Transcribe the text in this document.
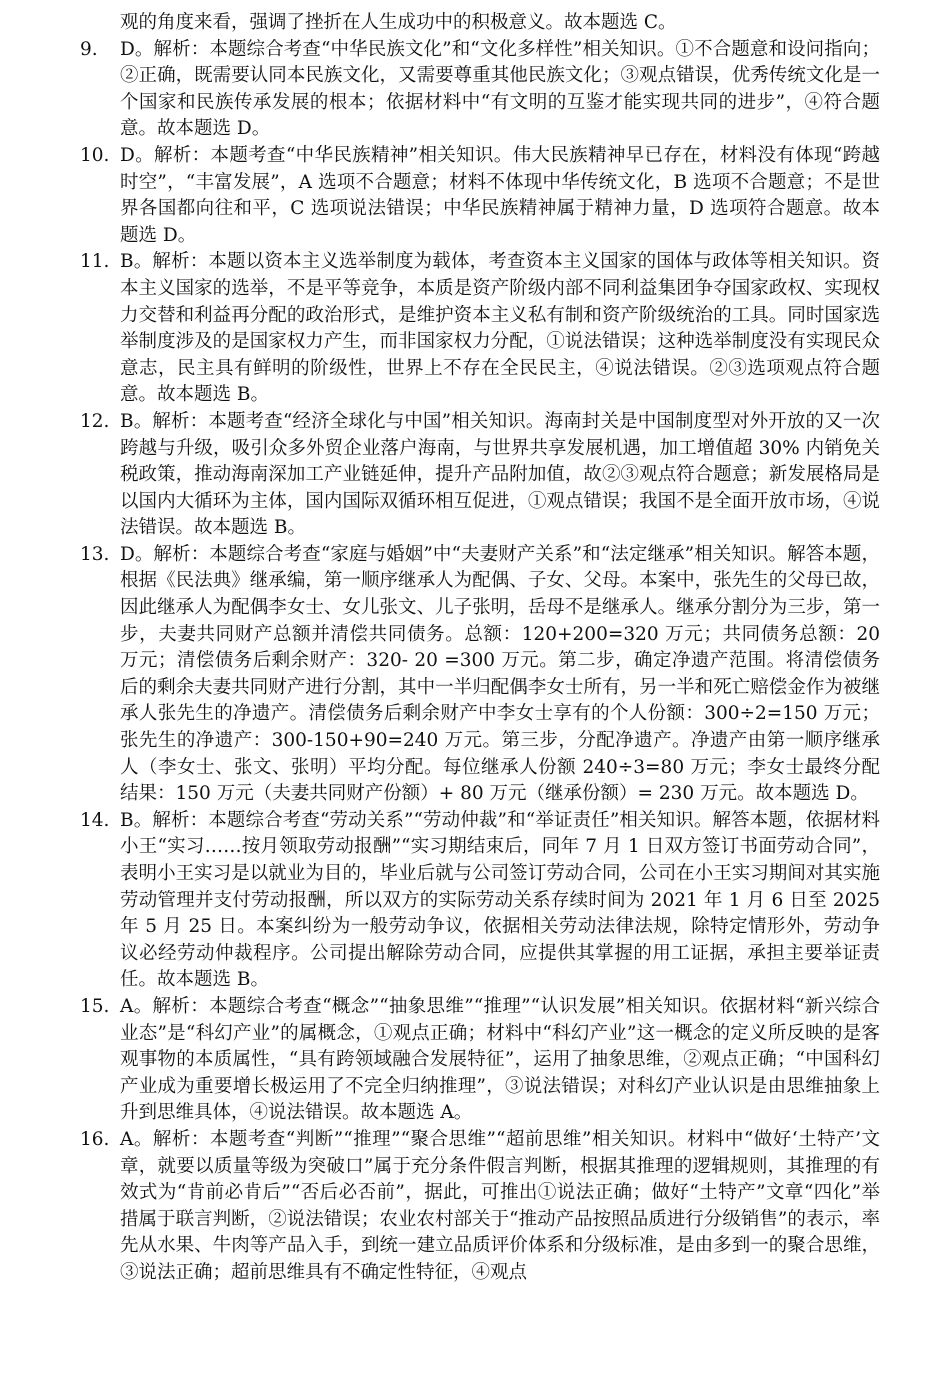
观的角度来看，强调了挫折在人生成功中的积极意义。故本题选 C。

9. D。解析：本题综合考查“中华民族文化”和“文化多样性”相关知识。①不合题意和设问指向；②正确，既需要认同本民族文化，又需要尊重其他民族文化；③观点错误，优秀传统文化是一个国家和民族传承发展的根本；依据材料中“有文明的互鉴才能实现共同的进步”，④符合题意。故本题选 D。

10. D。解析：本题考查“中华民族精神”相关知识。伟大民族精神早已存在，材料没有体现“跨越时空”，“丰富发展”，A 选项不合题意；材料不体现中华传统文化，B 选项不合题意；不是世界各国都向往和平，C 选项说法错误；中华民族精神属于精神力量，D 选项符合题意。故本题选 D。

11. B。解析：本题以资本主义选举制度为载体，考查资本主义国家的国体与政体等相关知识。资本主义国家的选举，不是平等竞争，本质是资产阶级内部不同利益集团争夺国家政权、实现权力交替和利益再分配的政治形式，是维护资本主义私有制和资产阶级统治的工具。同时国家选举制度涉及的是国家权力产生，而非国家权力分配，①说法错误；这种选举制度没有实现民众意志，民主具有鲜明的阶级性，世界上不存在全民民主，④说法错误。②③选项观点符合题意。故本题选 B。

12. B。解析：本题考查“经济全球化与中国”相关知识。海南封关是中国制度型对外开放的又一次跨越与升级，吸引众多外贸企业落户海南，与世界共享发展机遇，加工增值超 30% 内销免关税政策，推动海南深加工产业链延伸，提升产品附加值，故②③观点符合题意；新发展格局是以国内大循环为主体，国内国际双循环相互促进，①观点错误；我国不是全面开放市场，④说法错误。故本题选 B。

13. D。解析：本题综合考查“家庭与婚姻”中“夫妻财产关系”和“法定继承”相关知识。解答本题，根据《民法典》继承编，第一顺序继承人为配偶、子女、父母。本案中，张先生的父母已故，因此继承人为配偶李女士、女儿张文、儿子张明，岳母不是继承人。继承分割分为三步，第一步，夫妻共同财产总额并清偿共同债务。总额：120+200=320 万元；共同债务总额：20 万元；清偿债务后剩余财产：320- 20 =300 万元。第二步，确定净遗产范围。将清偿债务后的剩余夫妻共同财产进行分割，其中一半归配偶李女士所有，另一半和死亡赔偿金作为被继承人张先生的净遗产。清偿债务后剩余财产中李女士享有的个人份额：300÷2=150 万元；张先生的净遗产：300-150+90=240 万元。第三步，分配净遗产。净遗产由第一顺序继承人（李女士、张文、张明）平均分配。每位继承人份额 240÷3=80 万元；李女士最终分配结果：150 万元（夫妻共同财产份额）+ 80 万元（继承份额）= 230 万元。故本题选 D。

14. B。解析：本题综合考查“劳动关系”“劳动仲裁”和“举证责任”相关知识。解答本题，依据材料小王“实习……按月领取劳动报酬”“实习期结束后，同年 7 月 1 日双方签订书面劳动合同”，表明小王实习是以就业为目的，毕业后就与公司签订劳动合同，公司在小王实习期间对其实施劳动管理并支付劳动报酬，所以双方的实际劳动关系存续时间为 2021 年 1 月 6 日至 2025 年 5 月 25 日。本案纠纷为一般劳动争议，依据相关劳动法律法规，除特定情形外，劳动争议必经劳动仲裁程序。公司提出解除劳动合同，应提供其掌握的用工证据，承担主要举证责任。故本题选 B。

15. A。解析：本题综合考查“概念”“抽象思维”“推理”“认识发展”相关知识。依据材料“新兴综合业态”是“科幻产业”的属概念，①观点正确；材料中“科幻产业”这一概念的定义所反映的是客观事物的本质属性，“具有跨领域融合发展特征”，运用了抽象思维，②观点正确；“中国科幻产业成为重要增长极运用了不完全归纳推理”，③说法错误；对科幻产业认识是由思维抽象上升到思维具体，④说法错误。故本题选 A。

16. A。解析：本题考查“判断”“推理”“聚合思维”“超前思维”相关知识。材料中“做好‘土特产’文章，就要以质量等级为突破口”属于充分条件假言判断，根据其推理的逻辑规则，其推理的有效式为“肯前必肯后”“否后必否前”，据此，可推出①说法正确；做好“土特产”文章“四化”举措属于联言判断，②说法错误；农业农村部关于“推动产品按照品质进行分级销售”的表示，率先从水果、牛肉等产品入手，到统一建立品质评价体系和分级标准，是由多到一的聚合思维，③说法正确；超前思维具有不确定性特征，④观点
